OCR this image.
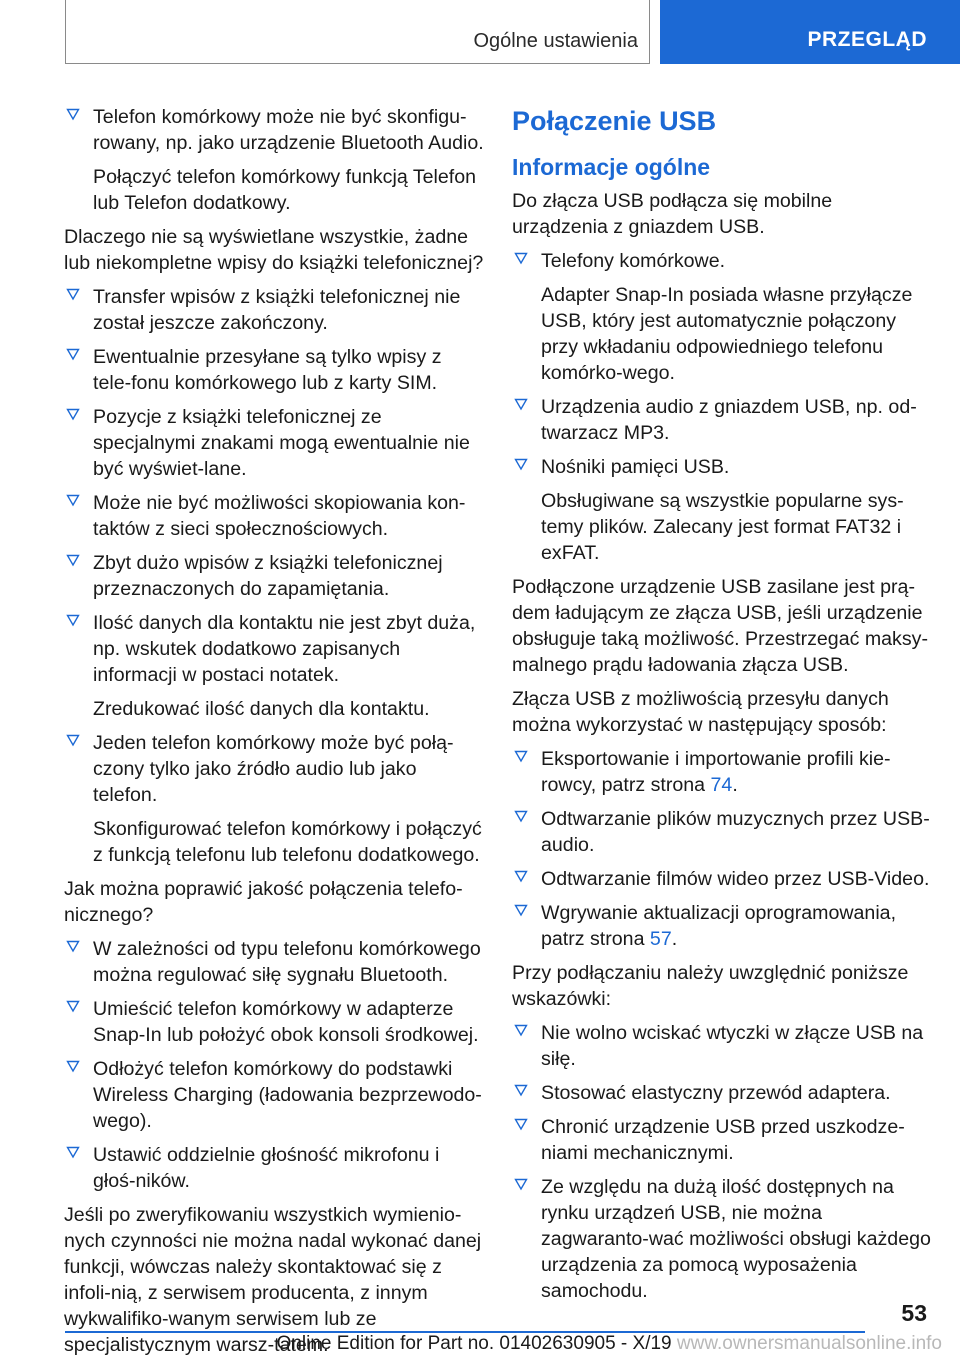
Ogólne ustawienia	PRZEGLĄD
Telefon komórkowy może nie być skonfigu-rowany, np. jako urządzenie Bluetooth Audio.

Połączyć telefon komórkowy funkcją Telefon lub Telefon dodatkowy.

Dlaczego nie są wyświetlane wszystkie, żadne lub niekompletne wpisy do książki telefonicznej?

Transfer wpisów z książki telefonicznej nie został jeszcze zakończony.
Ewentualnie przesyłane są tylko wpisy z tele-fonu komórkowego lub z karty SIM.
Pozycje z książki telefonicznej ze specjalnymi znakami mogą ewentualnie nie być wyświet-lane.
Może nie być możliwości skopiowania kon-taktów z sieci społecznościowych.
Zbyt dużo wpisów z książki telefonicznej przeznaczonych do zapamiętania.
Ilość danych dla kontaktu nie jest zbyt duża, np. wskutek dodatkowo zapisanych informacji w postaci notatek.

Zredukować ilość danych dla kontaktu.

Jeden telefon komórkowy może być połą-czony tylko jako źródło audio lub jako telefon.

Skonfigurować telefon komórkowy i połączyć z funkcją telefonu lub telefonu dodatkowego.

Jak można poprawić jakość połączenia telefo-nicznego?

W zależności od typu telefonu komórkowego można regulować siłę sygnału Bluetooth.
Umieścić telefon komórkowy w adapterze Snap-In lub położyć obok konsoli środkowej.
Odłożyć telefon komórkowy do podstawki Wireless Charging (ładowania bezprzewodo-wego).
Ustawić oddzielnie głośność mikrofonu i głoś-ników.

Jeśli po zweryfikowaniu wszystkich wymienio-nych czynności nie można nadal wykonać danej funkcji, wówczas należy skontaktować się z infoli-nią, z serwisem producenta, z innym wykwalifiko-wanym serwisem lub ze specjalistycznym warsz-tatem.

Połączenie USB
Informacje ogólne

Do złącza USB podłącza się mobilne urządzenia z gniazdem USB.

Telefony komórkowe.

Adapter Snap-In posiada własne przyłącze USB, który jest automatycznie połączony przy wkładaniu odpowiedniego telefonu komórko-wego.

Urządzenia audio z gniazdem USB, np. od-twarzacz MP3.
Nośniki pamięci USB.

Obsługiwane są wszystkie popularne sys-temy plików. Zalecany jest format FAT32 i exFAT.

Podłączone urządzenie USB zasilane jest prą-dem ładującym ze złącza USB, jeśli urządzenie obsługuje taką możliwość. Przestrzegać maksy-malnego prądu ładowania złącza USB.

Złącza USB z możliwością przesyłu danych można wykorzystać w następujący sposób:

Eksportowanie i importowanie profili kie-rowcy, patrz strona 74.
Odtwarzanie plików muzycznych przez USB-audio.
Odtwarzanie filmów wideo przez USB-Video.
Wgrywanie aktualizacji oprogramowania, patrz strona 57.

Przy podłączaniu należy uwzględnić poniższe wskazówki:

Nie wolno wciskać wtyczki w złącze USB na siłę.
Stosować elastyczny przewód adaptera.
Chronić urządzenie USB przed uszkodze-niami mechanicznymi.
Ze względu na dużą ilość dostępnych na rynku urządzeń USB, nie można zagwaranto-wać możliwości obsługi każdego urządzenia za pomocą wyposażenia samochodu.
53
Online Edition for Part no. 01402630905 - X/19 www.ownersmanualsonline.info
